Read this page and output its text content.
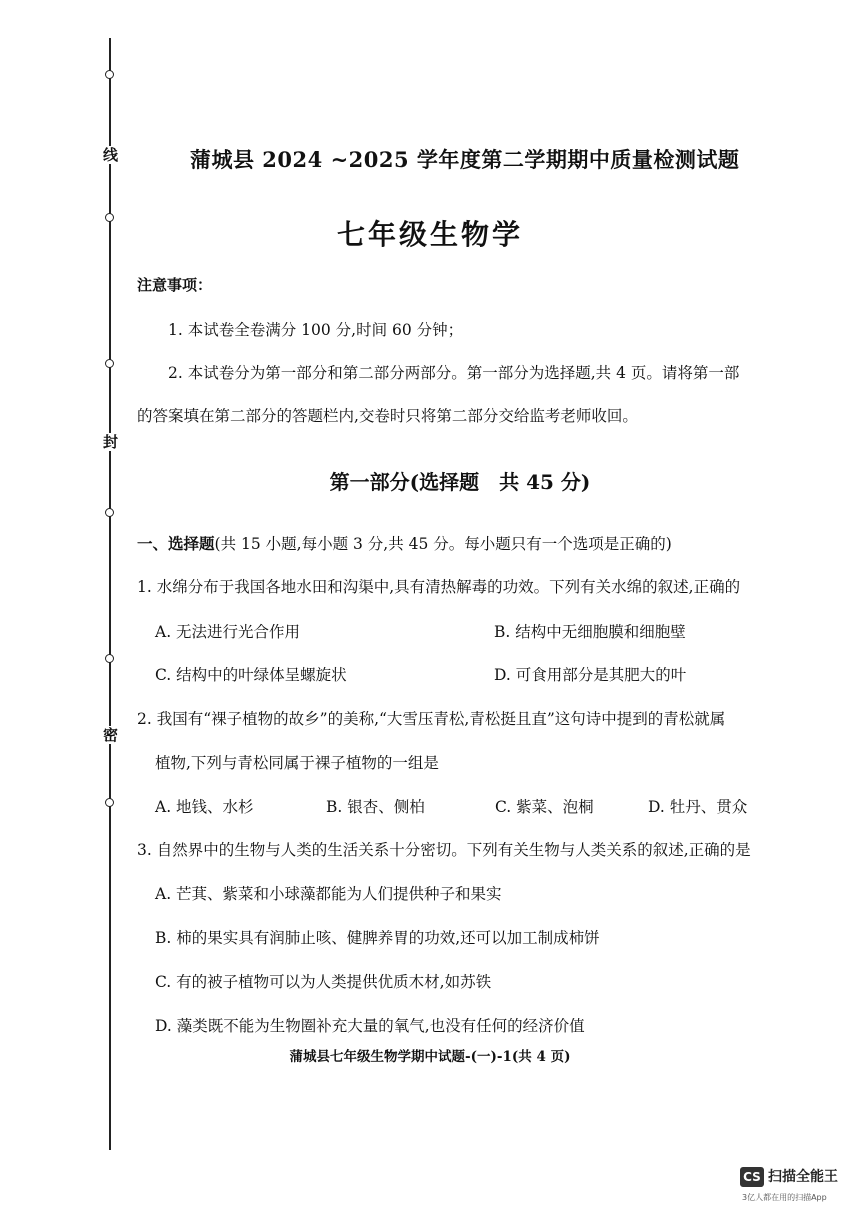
线
封
密
蒲城县 2024 ~2025 学年度第二学期期中质量检测试题
七年级生物学
注意事项：
1. 本试卷全卷满分 100 分,时间 60 分钟；
2. 本试卷分为第一部分和第二部分两部分。第一部分为选择题,共 4 页。请将第一部
的答案填在第二部分的答题栏内,交卷时只将第二部分交给监考老师收回。
第一部分(选择题　共 45 分)
一、选择题(共 15 小题,每小题 3 分,共 45 分。每小题只有一个选项是正确的)
1. 水绵分布于我国各地水田和沟渠中,具有清热解毒的功效。下列有关水绵的叙述,正确的
A. 无法进行光合作用	B. 结构中无细胞膜和细胞壁
C. 结构中的叶绿体呈螺旋状	D. 可食用部分是其肥大的叶
2. 我国有“裸子植物的故乡”的美称,“大雪压青松,青松挺且直”这句诗中提到的青松就属
植物,下列与青松同属于裸子植物的一组是
A. 地钱、水杉	B. 银杏、侧柏	C. 紫菜、泡桐	D. 牡丹、贯众
3. 自然界中的生物与人类的生活关系十分密切。下列有关生物与人类关系的叙述,正确的是
A. 芒萁、紫菜和小球藻都能为人们提供种子和果实
B. 柿的果实具有润肺止咳、健脾养胃的功效,还可以加工制成柿饼
C. 有的被子植物可以为人类提供优质木材,如苏铁
D. 藻类既不能为生物圈补充大量的氧气,也没有任何的经济价值
蒲城县七年级生物学期中试题-(一)-1(共 4 页)
CS 扫描全能王
3亿人都在用的扫描App
